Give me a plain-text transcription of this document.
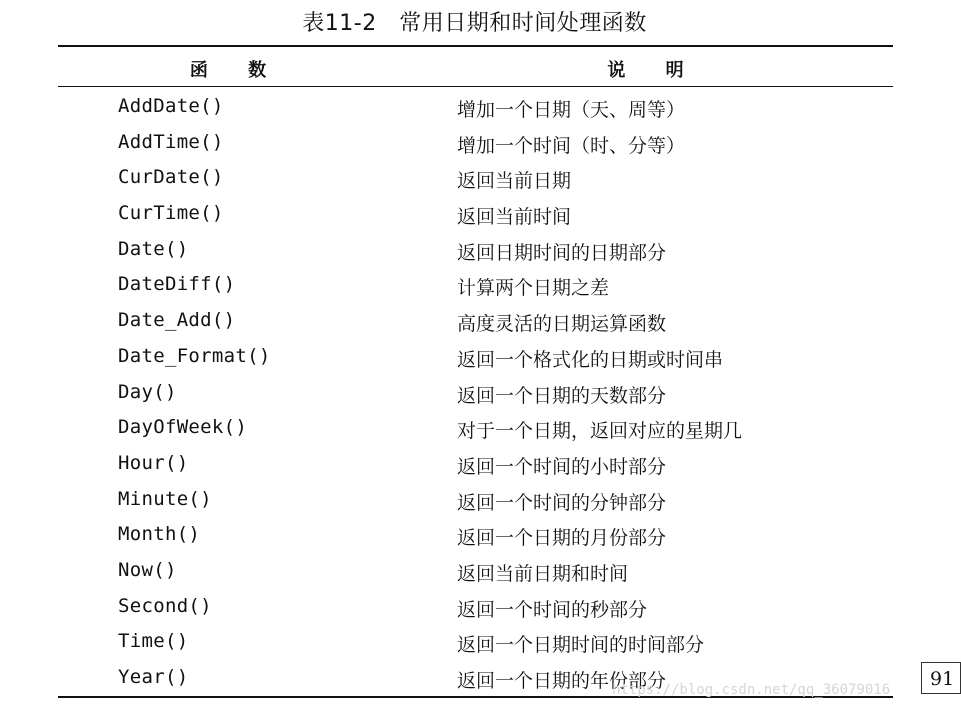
表11-2　常用日期和时间处理函数
函 数	说 明
AddDate()	增加一个日期（天、周等）
AddTime()	增加一个时间（时、分等）
CurDate()	返回当前日期
CurTime()	返回当前时间
Date()	返回日期时间的日期部分
DateDiff()	计算两个日期之差
Date_Add()	高度灵活的日期运算函数
Date_Format()	返回一个格式化的日期或时间串
Day()	返回一个日期的天数部分
DayOfWeek()	对于一个日期，返回对应的星期几
Hour()	返回一个时间的小时部分
Minute()	返回一个时间的分钟部分
Month()	返回一个日期的月份部分
Now()	返回当前日期和时间
Second()	返回一个时间的秒部分
Time()	返回一个日期时间的时间部分
Year()	返回一个日期的年份部分
https://blog.csdn.net/qq_36079016	91
